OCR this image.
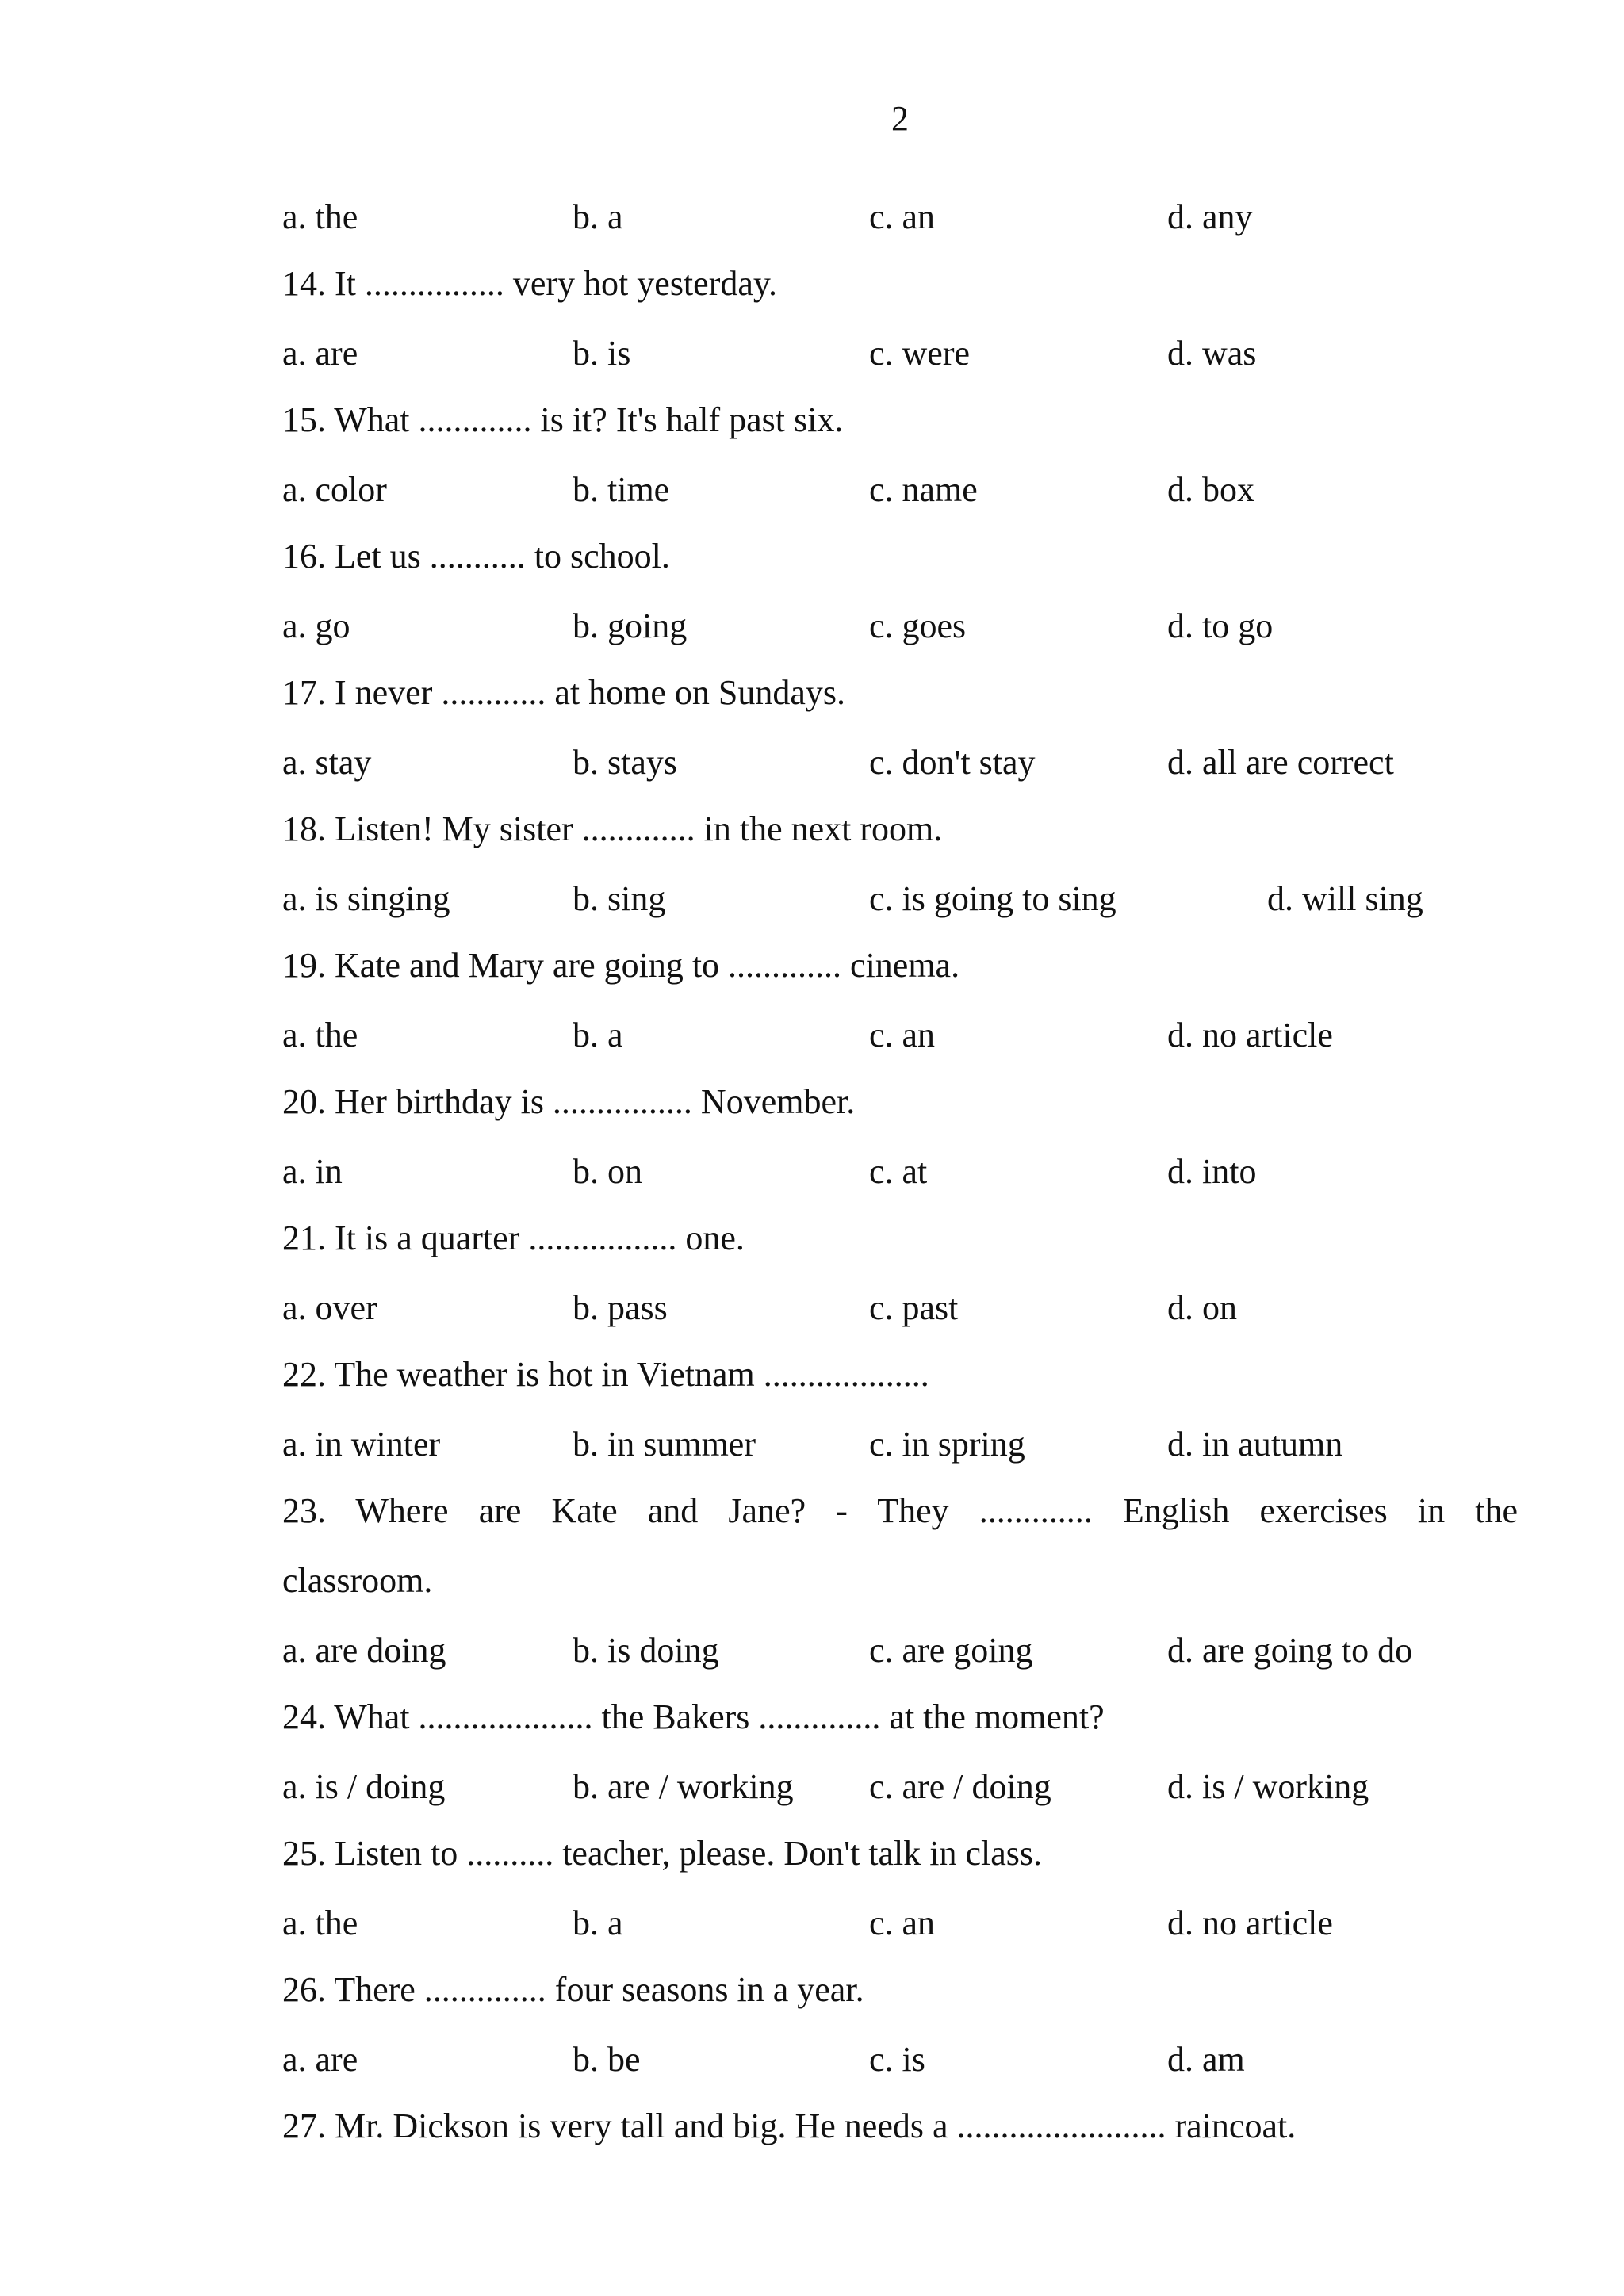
2
a. the	b. a	c. an	d. any
14. It ................ very hot yesterday.
a. are	b. is	c. were	d. was
15. What ............. is it? It's half past six.
a. color	b. time	c. name	d. box
16. Let us ........... to school.
a. go	b. going	c. goes	d. to go
17. I never ............ at home on Sundays.
a. stay	b. stays	c. don't stay	d. all are correct
18. Listen! My sister ............. in the next room.
a. is singing	b. sing	c. is going to sing	d. will sing
19. Kate and Mary are going to ............. cinema.
a. the	b. a	c. an	d. no article
20. Her birthday is ................ November.
a. in	b. on	c. at	d. into
21. It is a quarter ................. one.
a. over	b. pass	c. past	d. on
22. The weather is hot in Vietnam ...................
a. in winter	b. in summer	c. in spring	d. in autumn
23. Where are Kate and Jane? - They ............. English exercises in the
classroom.
a. are doing	b. is doing	c. are going	d. are going to do
24. What .................... the Bakers .............. at the moment?
a. is / doing	b. are / working c. are / doing	d. is / working
25. Listen to .......... teacher, please. Don't talk in class.
a. the	b. a	c. an	d. no article
26. There .............. four seasons in a year.
a. are	b. be	c. is	d. am
27. Mr. Dickson is very tall and big. He needs a ........................ raincoat.
